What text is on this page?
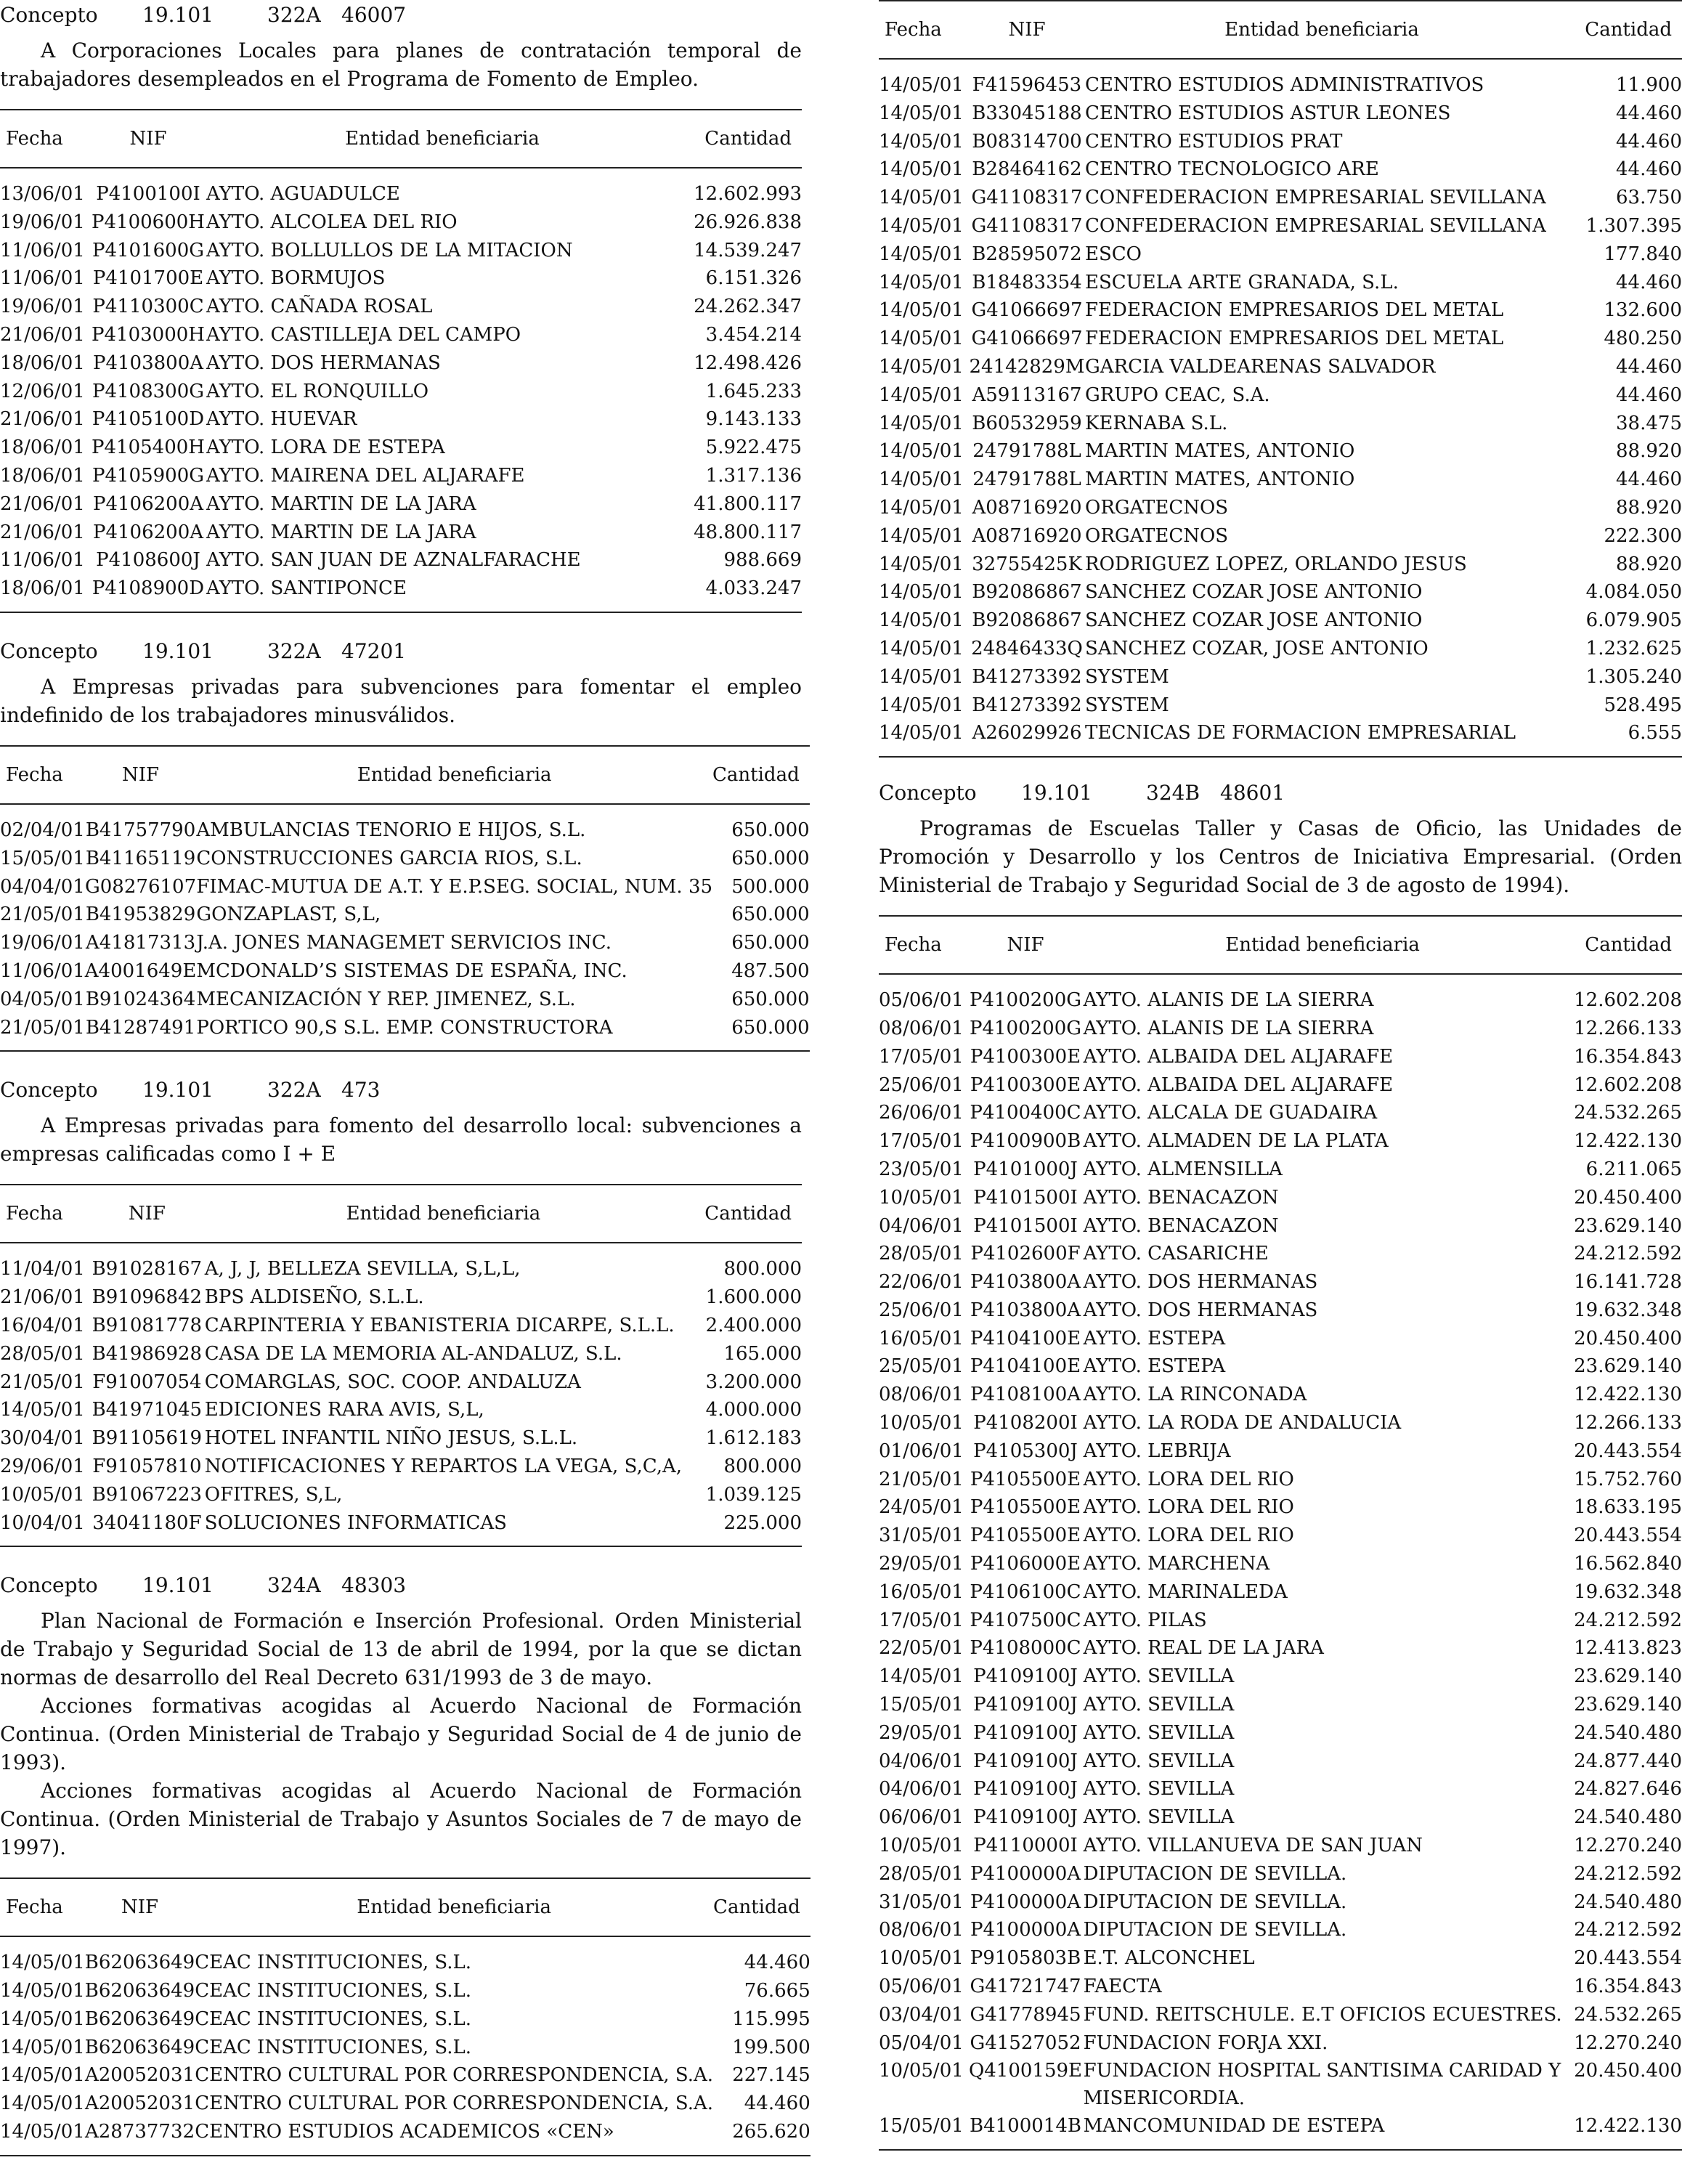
Concepto 19.101	322A 46007

A Corporaciones Locales para planes de contratación temporal de trabajadores desempleados en el Programa de Fomento de Empleo.

Fecha	NIF	Entidad beneficiaria	Cantidad
13/06/01	P4100100I	AYTO. AGUADULCE	12.602.993
19/06/01	P4100600H	AYTO. ALCOLEA DEL RIO	26.926.838
11/06/01	P4101600G	AYTO. BOLLULLOS DE LA MITACION	14.539.247
11/06/01	P4101700E	AYTO. BORMUJOS	6.151.326
19/06/01	P4110300C	AYTO. CAÑADA ROSAL	24.262.347
21/06/01	P4103000H	AYTO. CASTILLEJA DEL CAMPO	3.454.214
18/06/01	P4103800A	AYTO. DOS HERMANAS	12.498.426
12/06/01	P4108300G	AYTO. EL RONQUILLO	1.645.233
21/06/01	P4105100D	AYTO. HUEVAR	9.143.133
18/06/01	P4105400H	AYTO. LORA DE ESTEPA	5.922.475
18/06/01	P4105900G	AYTO. MAIRENA DEL ALJARAFE	1.317.136
21/06/01	P4106200A	AYTO. MARTIN DE LA JARA	41.800.117
21/06/01	P4106200A	AYTO. MARTIN DE LA JARA	48.800.117
11/06/01	P4108600J	AYTO. SAN JUAN DE AZNALFARACHE	988.669
18/06/01	P4108900D	AYTO. SANTIPONCE	4.033.247
Concepto 19.101	322A 47201

A Empresas privadas para subvenciones para fomentar el empleo indefinido de los trabajadores minusválidos.

Fecha	NIF	Entidad beneficiaria	Cantidad
02/04/01	B41757790	AMBULANCIAS TENORIO E HIJOS, S.L.	650.000
15/05/01	B41165119	CONSTRUCCIONES GARCIA RIOS, S.L.	650.000
04/04/01	G08276107	FIMAC-MUTUA DE A.T. Y E.P.SEG. SOCIAL, NUM. 35	500.000
21/05/01	B41953829	GONZAPLAST, S,L,	650.000
19/06/01	A41817313	J.A. JONES MANAGEMET SERVICIOS INC.	650.000
11/06/01	A4001649E	MCDONALD’S SISTEMAS DE ESPAÑA, INC.	487.500
04/05/01	B91024364	MECANIZACIÓN Y REP. JIMENEZ, S.L.	650.000
21/05/01	B41287491	PORTICO 90,S S.L. EMP. CONSTRUCTORA	650.000
Concepto 19.101	322A 473

A Empresas privadas para fomento del desarrollo local: subvenciones a empresas calificadas como I + E

Fecha	NIF	Entidad beneficiaria	Cantidad
11/04/01	B91028167	A, J, J, BELLEZA SEVILLA, S,L,L,	800.000
21/06/01	B91096842	BPS ALDISEÑO, S.L.L.	1.600.000
16/04/01	B91081778	CARPINTERIA Y EBANISTERIA DICARPE, S.L.L.	2.400.000
28/05/01	B41986928	CASA DE LA MEMORIA AL-ANDALUZ, S.L.	165.000
21/05/01	F91007054	COMARGLAS, SOC. COOP. ANDALUZA	3.200.000
14/05/01	B41971045	EDICIONES RARA AVIS, S,L,	4.000.000
30/04/01	B91105619	HOTEL INFANTIL NIÑO JESUS, S.L.L.	1.612.183
29/06/01	F91057810	NOTIFICACIONES Y REPARTOS LA VEGA, S,C,A,	800.000
10/05/01	B91067223	OFITRES, S,L,	1.039.125
10/04/01	34041180F	SOLUCIONES INFORMATICAS	225.000
Concepto 19.101	324A 48303

Plan Nacional de Formación e Inserción Profesional. Orden Ministerial de Trabajo y Seguridad Social de 13 de abril de 1994, por la que se dictan normas de desarrollo del Real Decreto 631/1993 de 3 de mayo.

Acciones formativas acogidas al Acuerdo Nacional de Formación Continua. (Orden Ministerial de Trabajo y Seguridad Social de 4 de junio de 1993).

Acciones formativas acogidas al Acuerdo Nacional de Formación Continua. (Orden Ministerial de Trabajo y Asuntos Sociales de 7 de mayo de 1997).

Fecha	NIF	Entidad beneficiaria	Cantidad
14/05/01	B62063649	CEAC INSTITUCIONES, S.L.	44.460
14/05/01	B62063649	CEAC INSTITUCIONES, S.L.	76.665
14/05/01	B62063649	CEAC INSTITUCIONES, S.L.	115.995
14/05/01	B62063649	CEAC INSTITUCIONES, S.L.	199.500
14/05/01	A20052031	CENTRO CULTURAL POR CORRESPONDENCIA, S.A.	227.145
14/05/01	A20052031	CENTRO CULTURAL POR CORRESPONDENCIA, S.A.	44.460
14/05/01	A28737732	CENTRO ESTUDIOS ACADEMICOS «CEN»	265.620
Fecha	NIF	Entidad beneficiaria	Cantidad
14/05/01	F41596453	CENTRO ESTUDIOS ADMINISTRATIVOS	11.900
14/05/01	B33045188	CENTRO ESTUDIOS ASTUR LEONES	44.460
14/05/01	B08314700	CENTRO ESTUDIOS PRAT	44.460
14/05/01	B28464162	CENTRO TECNOLOGICO ARE	44.460
14/05/01	G41108317	CONFEDERACION EMPRESARIAL SEVILLANA	63.750
14/05/01	G41108317	CONFEDERACION EMPRESARIAL SEVILLANA	1.307.395
14/05/01	B28595072	ESCO	177.840
14/05/01	B18483354	ESCUELA ARTE GRANADA, S.L.	44.460
14/05/01	G41066697	FEDERACION EMPRESARIOS DEL METAL	132.600
14/05/01	G41066697	FEDERACION EMPRESARIOS DEL METAL	480.250
14/05/01	24142829M	GARCIA VALDEARENAS SALVADOR	44.460
14/05/01	A59113167	GRUPO CEAC, S.A.	44.460
14/05/01	B60532959	KERNABA S.L.	38.475
14/05/01	24791788L	MARTIN MATES, ANTONIO	88.920
14/05/01	24791788L	MARTIN MATES, ANTONIO	44.460
14/05/01	A08716920	ORGATECNOS	88.920
14/05/01	A08716920	ORGATECNOS	222.300
14/05/01	32755425K	RODRIGUEZ LOPEZ, ORLANDO JESUS	88.920
14/05/01	B92086867	SANCHEZ COZAR JOSE ANTONIO	4.084.050
14/05/01	B92086867	SANCHEZ COZAR JOSE ANTONIO	6.079.905
14/05/01	24846433Q	SANCHEZ COZAR, JOSE ANTONIO	1.232.625
14/05/01	B41273392	SYSTEM	1.305.240
14/05/01	B41273392	SYSTEM	528.495
14/05/01	A26029926	TECNICAS DE FORMACION EMPRESARIAL	6.555
Concepto 19.101	324B 48601

Programas de Escuelas Taller y Casas de Oficio, las Unidades de Promoción y Desarrollo y los Centros de Iniciativa Empresarial. (Orden Ministerial de Trabajo y Seguridad Social de 3 de agosto de 1994).

Fecha	NIF	Entidad beneficiaria	Cantidad
05/06/01	P4100200G	AYTO. ALANIS DE LA SIERRA	12.602.208
08/06/01	P4100200G	AYTO. ALANIS DE LA SIERRA	12.266.133
17/05/01	P4100300E	AYTO. ALBAIDA DEL ALJARAFE	16.354.843
25/06/01	P4100300E	AYTO. ALBAIDA DEL ALJARAFE	12.602.208
26/06/01	P4100400C	AYTO. ALCALA DE GUADAIRA	24.532.265
17/05/01	P4100900B	AYTO. ALMADEN DE LA PLATA	12.422.130
23/05/01	P4101000J	AYTO. ALMENSILLA	6.211.065
10/05/01	P4101500I	AYTO. BENACAZON	20.450.400
04/06/01	P4101500I	AYTO. BENACAZON	23.629.140
28/05/01	P4102600F	AYTO. CASARICHE	24.212.592
22/06/01	P4103800A	AYTO. DOS HERMANAS	16.141.728
25/06/01	P4103800A	AYTO. DOS HERMANAS	19.632.348
16/05/01	P4104100E	AYTO. ESTEPA	20.450.400
25/05/01	P4104100E	AYTO. ESTEPA	23.629.140
08/06/01	P4108100A	AYTO. LA RINCONADA	12.422.130
10/05/01	P4108200I	AYTO. LA RODA DE ANDALUCIA	12.266.133
01/06/01	P4105300J	AYTO. LEBRIJA	20.443.554
21/05/01	P4105500E	AYTO. LORA DEL RIO	15.752.760
24/05/01	P4105500E	AYTO. LORA DEL RIO	18.633.195
31/05/01	P4105500E	AYTO. LORA DEL RIO	20.443.554
29/05/01	P4106000E	AYTO. MARCHENA	16.562.840
16/05/01	P4106100C	AYTO. MARINALEDA	19.632.348
17/05/01	P4107500C	AYTO. PILAS	24.212.592
22/05/01	P4108000C	AYTO. REAL DE LA JARA	12.413.823
14/05/01	P4109100J	AYTO. SEVILLA	23.629.140
15/05/01	P4109100J	AYTO. SEVILLA	23.629.140
29/05/01	P4109100J	AYTO. SEVILLA	24.540.480
04/06/01	P4109100J	AYTO. SEVILLA	24.877.440
04/06/01	P4109100J	AYTO. SEVILLA	24.827.646
06/06/01	P4109100J	AYTO. SEVILLA	24.540.480
10/05/01	P4110000I	AYTO. VILLANUEVA DE SAN JUAN	12.270.240
28/05/01	P4100000A	DIPUTACION DE SEVILLA.	24.212.592
31/05/01	P4100000A	DIPUTACION DE SEVILLA.	24.540.480
08/06/01	P4100000A	DIPUTACION DE SEVILLA.	24.212.592
10/05/01	P9105803B	E.T. ALCONCHEL	20.443.554
05/06/01	G41721747	FAECTA	16.354.843
03/04/01	G41778945	FUND. REITSCHULE. E.T OFICIOS ECUESTRES.	24.532.265
05/04/01	G41527052	FUNDACION FORJA XXI.	12.270.240
10/05/01	Q4100159E	FUNDACION HOSPITAL SANTISIMA CARIDAD Y MISERICORDIA.	20.450.400
15/05/01	B4100014B	MANCOMUNIDAD DE ESTEPA	12.422.130
